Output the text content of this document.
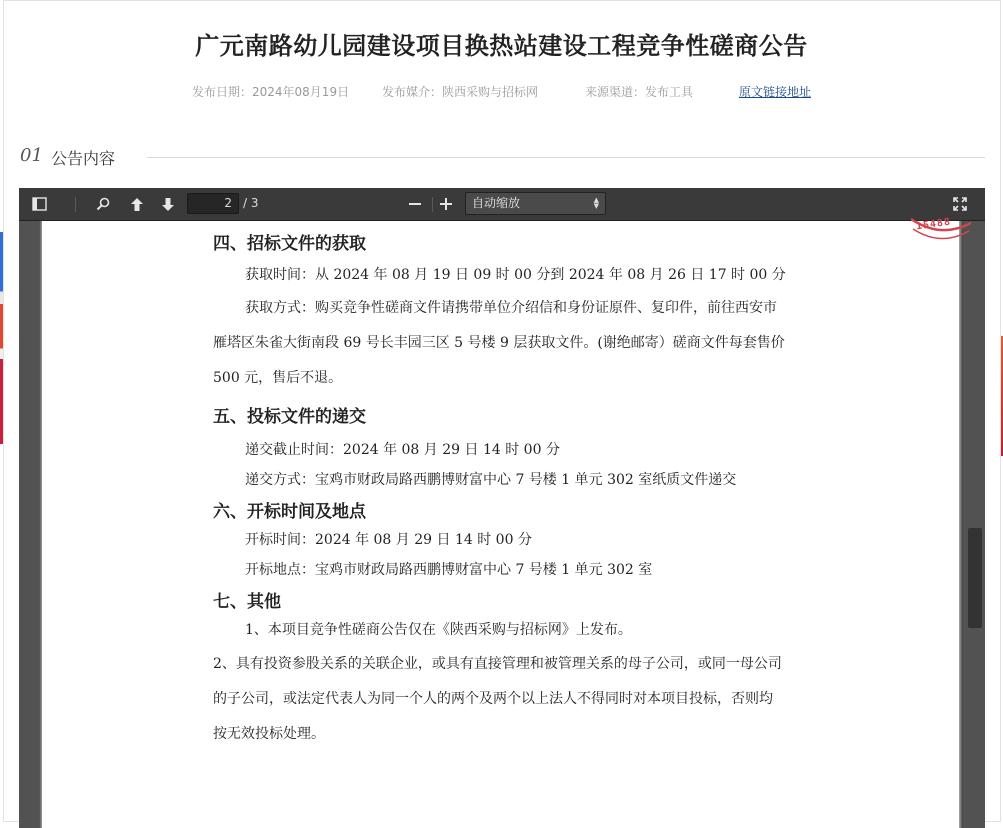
广元南路幼儿园建设项目换热站建设工程竞争性磋商公告
发布日期：2024年08月19日	发布媒介：陕西采购与招标网	来源渠道：发布工具	原文链接地址
01 公告内容
2 / 3	自动缩放	▲
▼
15488
四、招标文件的获取
获取时间：从 2024 年 08 月 19 日 09 时 00 分到 2024 年 08 月 26 日 17 时 00 分
获取方式：购买竞争性磋商文件请携带单位介绍信和身份证原件、复印件，前往西安市
雁塔区朱雀大街南段 69 号长丰园三区 5 号楼 9 层获取文件。(谢绝邮寄）磋商文件每套售价
500 元，售后不退。
五、投标文件的递交
递交截止时间：2024 年 08 月 29 日 14 时 00 分
递交方式：宝鸡市财政局路西鹏博财富中心 7 号楼 1 单元 302 室纸质文件递交
六、开标时间及地点
开标时间：2024 年 08 月 29 日 14 时 00 分
开标地点：宝鸡市财政局路西鹏博财富中心 7 号楼 1 单元 302 室
七、其他
1、本项目竞争性磋商公告仅在《陕西采购与招标网》上发布。
2、具有投资参股关系的关联企业，或具有直接管理和被管理关系的母子公司，或同一母公司
的子公司，或法定代表人为同一个人的两个及两个以上法人不得同时对本项目投标，否则均
按无效投标处理。
